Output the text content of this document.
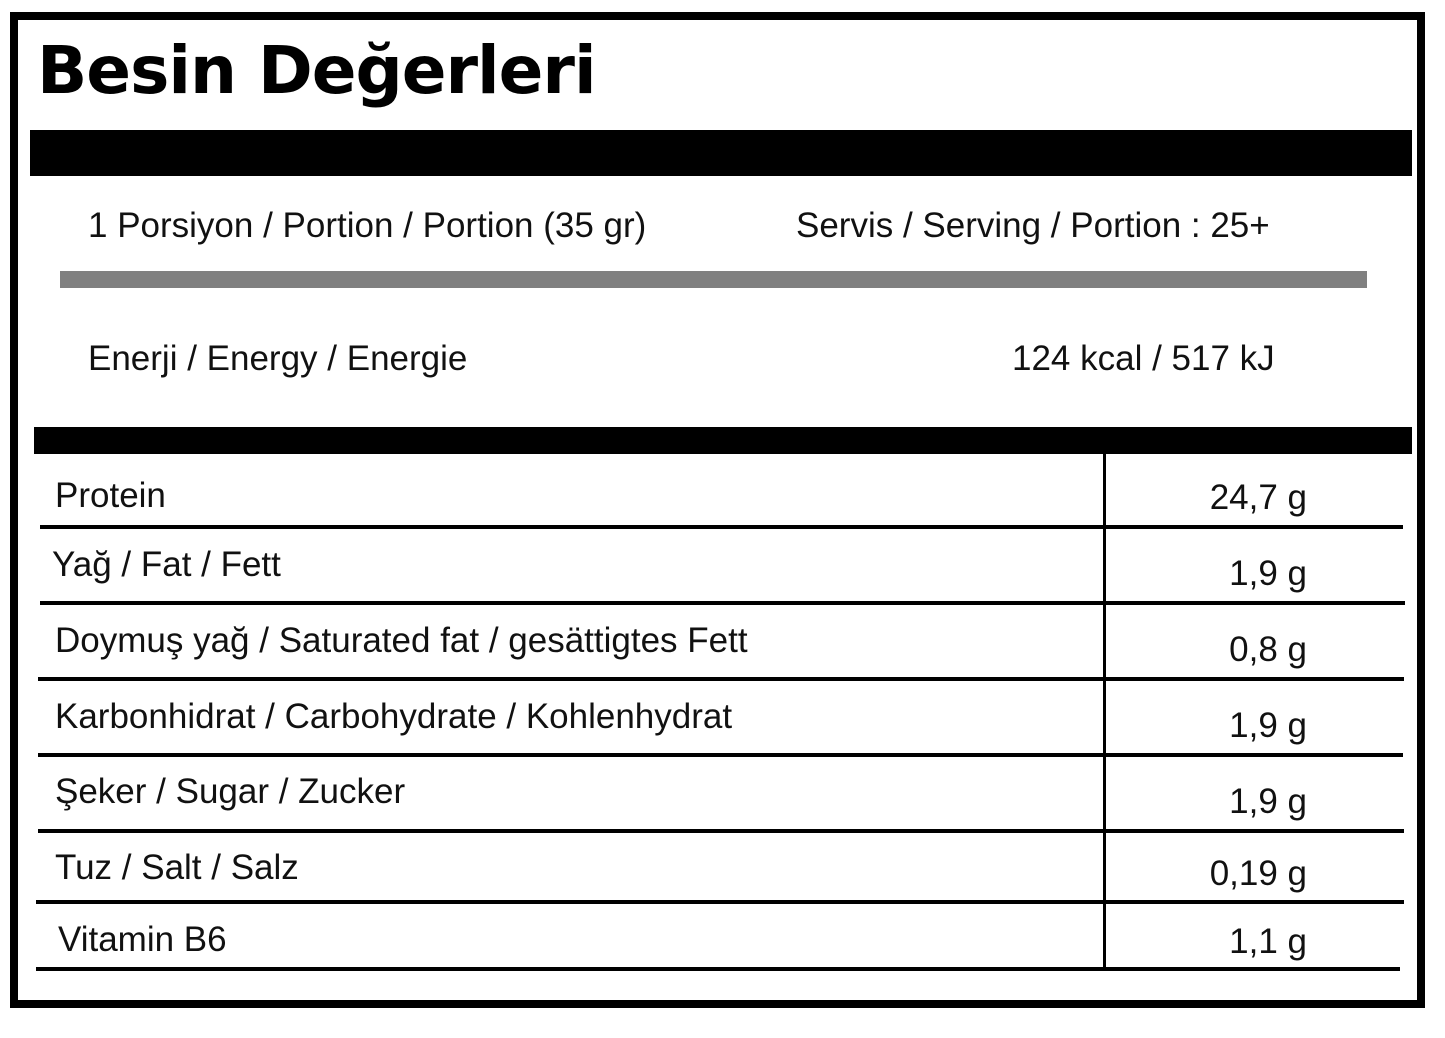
Besin Değerleri
1 Porsiyon / Portion / Portion (35 gr)	Servis / Serving / Portion : 25+
Enerji / Energy / Energie	124 kcal / 517 kJ
Protein	24,7 g
Yağ / Fat / Fett	1,9 g
Doymuş yağ / Saturated fat / gesättigtes Fett	0,8 g
Karbonhidrat / Carbohydrate / Kohlenhydrat	1,9 g
Şeker / Sugar / Zucker	1,9 g
Tuz / Salt / Salz	0,19 g
Vitamin B6	1,1 g
